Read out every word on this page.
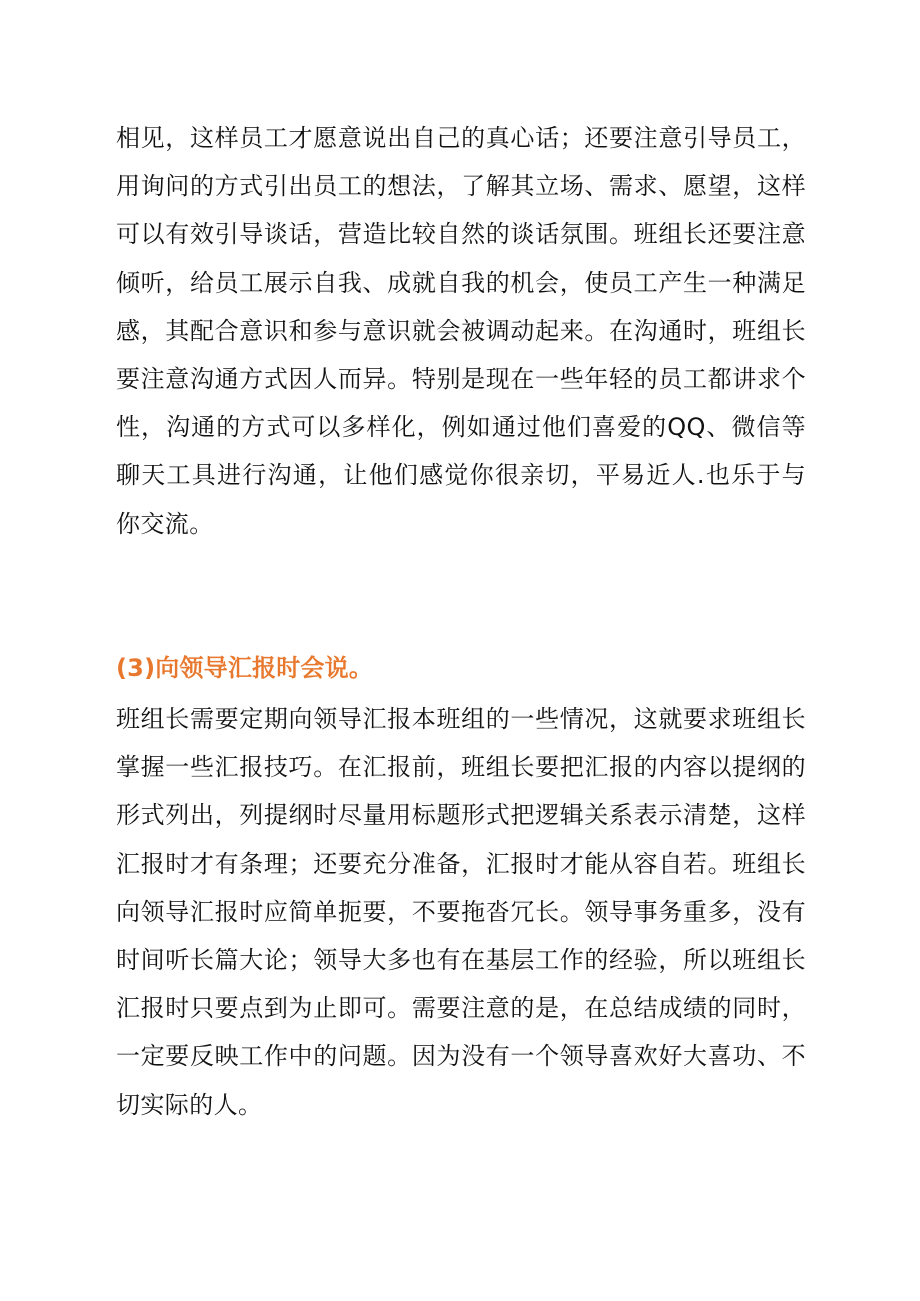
相见，这样员工才愿意说出自己的真心话；还要注意引导员工，用询问的方式引出员工的想法，了解其立场、需求、愿望，这样可以有效引导谈话，营造比较自然的谈话氛围。班组长还要注意倾听，给员工展示自我、成就自我的机会，使员工产生一种满足感，其配合意识和参与意识就会被调动起来。在沟通时，班组长要注意沟通方式因人而异。特别是现在一些年轻的员工都讲求个性，沟通的方式可以多样化，例如通过他们喜爱的QQ、微信等聊天工具进行沟通，让他们感觉你很亲切，平易近人.也乐于与你交流。

(3)向领导汇报时会说。

班组长需要定期向领导汇报本班组的一些情况，这就要求班组长掌握一些汇报技巧。在汇报前，班组长要把汇报的内容以提纲的形式列出，列提纲时尽量用标题形式把逻辑关系表示清楚，这样汇报时才有条理；还要充分准备，汇报时才能从容自若。班组长向领导汇报时应简单扼要，不要拖沓冗长。领导事务重多，没有时间听长篇大论；领导大多也有在基层工作的经验，所以班组长汇报时只要点到为止即可。需要注意的是，在总结成绩的同时，一定要反映工作中的问题。因为没有一个领导喜欢好大喜功、不切实际的人。
